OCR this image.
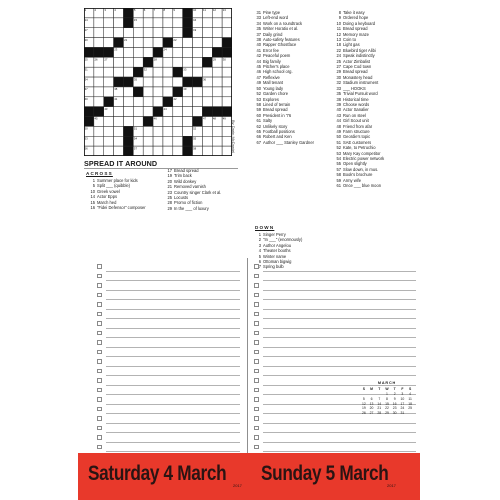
1	2	3	4	5	6	7	8	9	10 11 12 13
14	15	16
17	19
20	21	22
23	24
25 26 27	28	29 30
31	32	33
34	35	36
37	38	39
40	41	42
43	44
45	46	47 48 49
50	51	52
53	54	55
56	57	58	By Darin McDaniel
SPREAD IT AROUND
ACROSS
1 Summer place for kids
5 Split ___ (quibble)
10 Greek vowel
14 Actor Epps
15 March hed
16 "Fidei Defensor" composer
17 Bread spread
19 Trim back
20 Wild donkey
21 Removed varnish
23 Country singer Clark et al.
25 Locusts
28 Promo of fiction
29 In the ___ of luxury
31 Pine type
33 Left-end word
34 Work on a roundtrack
35 Writer Horatio et al.
37 Daily grind
38 Auto-safety features
40 Rapper Ghostface
41 Error fee
42 Peaceful poem
44 Big family
45 Pitcher's place
46 High school org.
47 Reflexive
49 Mall tenant
50 Young lady
52 Garden chore
53 Explores
58 Lined of terrain
59 Bread spread
60 President in '76
61 Salty
62 Unlikely story
65 Football positions
66 Robert and Ken
67 Author ___ Stanley Gardner
DOWN
1 Singer Perry
2 "In ___" (enormously)
3 Author Angelou
4 Theater booths
5 Winter name
6 Ottoman bigwig
7 Spring bulb
8 Take it easy
9 Ordered hope
10 Doing a keyboard
11 Bread spread
12 Memory maze
13 Coin to
18 Light gas
22 Bluebird tiger Alibi
24 Speak indistinctly
25 Actor Zimbalist
27 Cape Cod town
29 Bread spread
30 Monastery head
32 Stadium instrument
33 ___ HOOKS
35 Trivial Pursuit word
38 Historical time
39 Choose words
40 Actor Sanalier
43 Run on steel
44 Girl Scout unit
48 Friend from afar
49 Farm structure
50 Geordie's topic
51 SAE customers
52 Kate, to Petruchio
53 Mary Kay competitor
54 Electric power network
55 Open slightly
57 Slow down, in mus.
58 Book's brochure
59 Army wife
61 Once ___ blue moon
MARCH
S	M	T	W	T	F	S
			1	2	3	4
5	6	7	8	9	10	11
12	13	14	15	16	17	18
19	20	21	22	23	24	25
26	27	28	29	30	31	
Saturday 4 March
2017
Sunday 5 March
2017
